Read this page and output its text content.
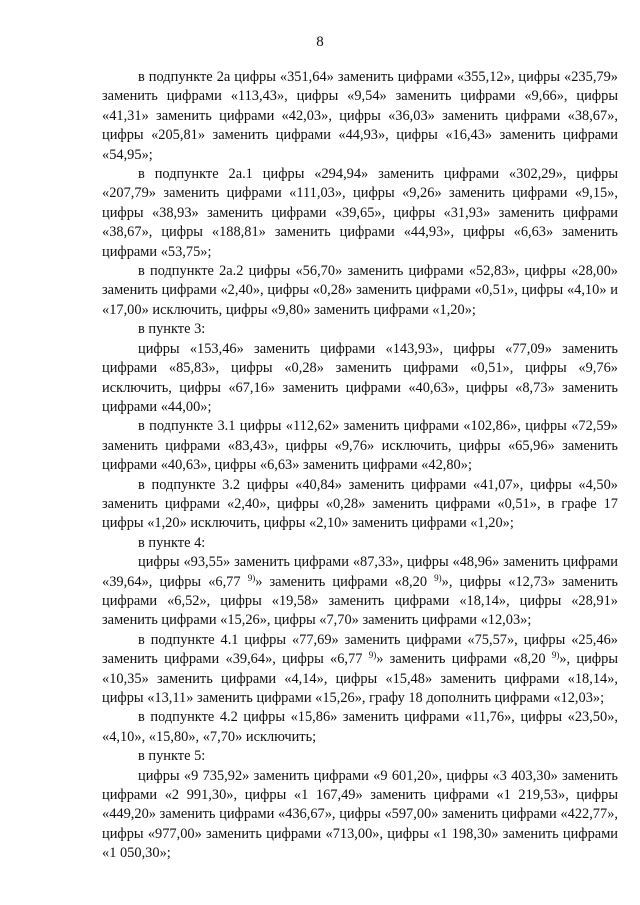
8

в подпункте 2а цифры «351,64» заменить цифрами «355,12», цифры «235,79» заменить цифрами «113,43», цифры «9,54» заменить цифрами «9,66», цифры «41,31» заменить цифрами «42,03», цифры «36,03» заменить цифрами «38,67», цифры «205,81» заменить цифрами «44,93», цифры «16,43» заменить цифрами «54,95»;

в подпункте 2а.1 цифры «294,94» заменить цифрами «302,29», цифры «207,79» заменить цифрами «111,03», цифры «9,26» заменить цифрами «9,15», цифры «38,93» заменить цифрами «39,65», цифры «31,93» заменить цифрами «38,67», цифры «188,81» заменить цифрами «44,93», цифры «6,63» заменить цифрами «53,75»;

в подпункте 2а.2 цифры «56,70» заменить цифрами «52,83», цифры «28,00» заменить цифрами «2,40», цифры «0,28» заменить цифрами «0,51», цифры «4,10» и «17,00» исключить, цифры «9,80» заменить цифрами «1,20»;

в пункте 3:

цифры «153,46» заменить цифрами «143,93», цифры «77,09» заменить цифрами «85,83», цифры «0,28» заменить цифрами «0,51», цифры «9,76» исключить, цифры «67,16» заменить цифрами «40,63», цифры «8,73» заменить цифрами «44,00»;

в подпункте 3.1 цифры «112,62» заменить цифрами «102,86», цифры «72,59» заменить цифрами «83,43», цифры «9,76» исключить, цифры «65,96» заменить цифрами «40,63», цифры «6,63» заменить цифрами «42,80»;

в подпункте 3.2 цифры «40,84» заменить цифрами «41,07», цифры «4,50» заменить цифрами «2,40», цифры «0,28» заменить цифрами «0,51», в графе 17 цифры «1,20» исключить, цифры «2,10» заменить цифрами «1,20»;

в пункте 4:

цифры «93,55» заменить цифрами «87,33», цифры «48,96» заменить цифрами «39,64», цифры «6,77 $^{9)}$» заменить цифрами «8,20 $^{9)}$», цифры «12,73» заменить цифрами «6,52», цифры «19,58» заменить цифрами «18,14», цифры «28,91» заменить цифрами «15,26», цифры «7,70» заменить цифрами «12,03»;

в подпункте 4.1 цифры «77,69» заменить цифрами «75,57», цифры «25,46» заменить цифрами «39,64», цифры «6,77 $^{9)}$» заменить цифрами «8,20 $^{9)}$», цифры «10,35» заменить цифрами «4,14», цифры «15,48» заменить цифрами «18,14», цифры «13,11» заменить цифрами «15,26», графу 18 дополнить цифрами «12,03»;

в подпункте 4.2 цифры «15,86» заменить цифрами «11,76», цифры «23,50», «4,10», «15,80», «7,70» исключить;

в пункте 5:

цифры «9 735,92» заменить цифрами «9 601,20», цифры «3 403,30» заменить цифрами «2 991,30», цифры «1 167,49» заменить цифрами «1 219,53», цифры «449,20» заменить цифрами «436,67», цифры «597,00» заменить цифрами «422,77», цифры «977,00» заменить цифрами «713,00», цифры «1 198,30» заменить цифрами «1 050,30»;
